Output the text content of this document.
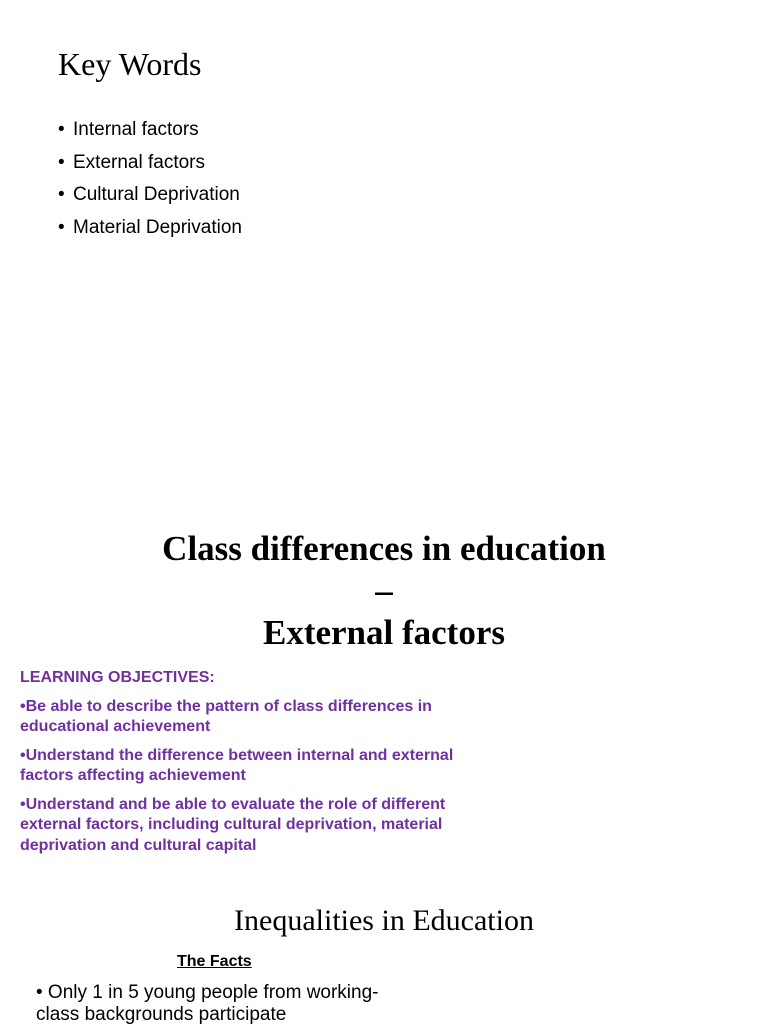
Key Words
• Internal factors
• External factors
• Cultural Deprivation
• Material Deprivation
Class differences in education
–
External factors

LEARNING OBJECTIVES:

•Be able to describe the pattern of class differences in educational achievement

•Understand the difference between internal and external factors affecting achievement

•Understand and be able to evaluate the role of different external factors, including cultural deprivation, material deprivation and cultural capital

Inequalities in Education

The Facts

• Only 1 in 5 young people from working-class backgrounds participate
